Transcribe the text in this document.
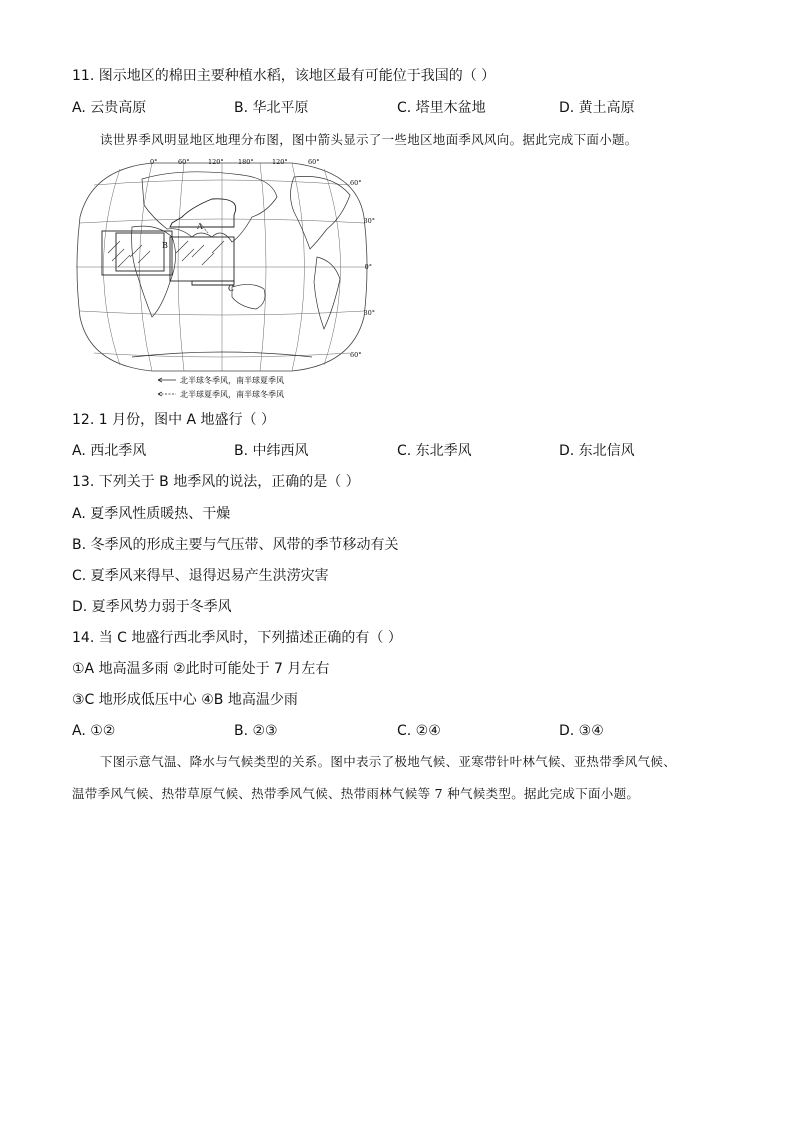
11. 图示地区的棉田主要种植水稻，该地区最有可能位于我国的（ ）
A. 云贵高原	B. 华北平原	C. 塔里木盆地	D. 黄土高原
读世界季风明显地区地理分布图，图中箭头显示了一些地区地面季风风向。据此完成下面小题。
A
B
C
0°	60°	120° 180°	120°	60°
60°
30°
0°
30°
60°
北半球冬季风，南半球夏季风
北半球夏季风，南半球冬季风
12. 1 月份，图中 A 地盛行（ ）
A. 西北季风	B. 中纬西风	C. 东北季风	D. 东北信风
13. 下列关于 B 地季风的说法，正确的是（ ）
A. 夏季风性质暖热、干燥
B. 冬季风的形成主要与气压带、风带的季节移动有关
C. 夏季风来得早、退得迟易产生洪涝灾害
D. 夏季风势力弱于冬季风
14. 当 C 地盛行西北季风时，下列描述正确的有（ ）
①A 地高温多雨 ②此时可能处于 7 月左右
③C 地形成低压中心 ④B 地高温少雨
A. ①②	B. ②③	C. ②④	D. ③④
下图示意气温、降水与气候类型的关系。图中表示了极地气候、亚寒带针叶林气候、亚热带季风气候、
温带季风气候、热带草原气候、热带季风气候、热带雨林气候等 7 种气候类型。据此完成下面小题。
